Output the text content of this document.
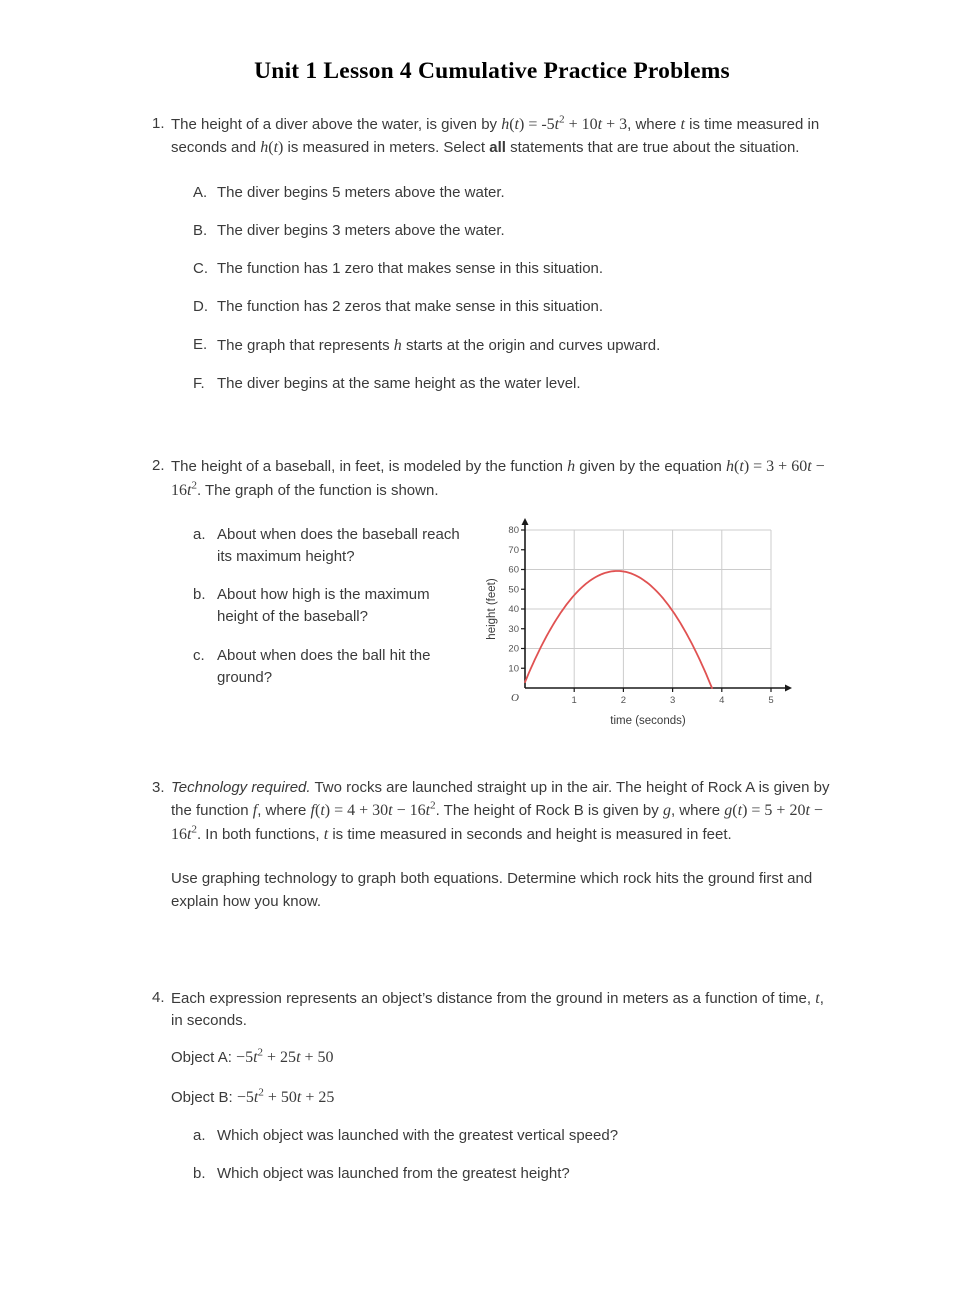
Unit 1 Lesson 4 Cumulative Practice Problems
1. The height of a diver above the water, is given by $h(t) = -5t^2 + 10t + 3$, where t is time measured in seconds and h(t) is measured in meters. Select all statements that are true about the situation.

A. The diver begins 5 meters above the water.
B. The diver begins 3 meters above the water.
C. The function has 1 zero that makes sense in this situation.
D. The function has 2 zeros that make sense in this situation.
E. The graph that represents h starts at the origin and curves upward.
F. The diver begins at the same height as the water level.
2. The height of a baseball, in feet, is modeled by the function h given by the equation $h(t) = 3 + 60t - 16t^2$. The graph of the function is shown.

a. About when does the baseball reach its maximum height?
b. About how high is the maximum height of the baseball?
c. About when does the ball hit the ground?	10
20
30
40
50
60
70
80
1	2	3	4	5
O
height (feet)
time (seconds)
3. Technology required. Two rocks are launched straight up in the air. The height of Rock A is given by the function f, where $f(t) = 4 + 30t - 16t^2$. The height of Rock B is given by g, where $g(t) = 5 + 20t - 16t^2$. In both functions, t is time measured in seconds and height is measured in feet.

Use graphing technology to graph both equations. Determine which rock hits the ground first and explain how you know.

4. Each expression represents an object’s distance from the ground in meters as a function of time, t, in seconds.

Object A: $-5t^2 + 25t + 50$

Object B: $-5t^2 + 50t + 25$

a. Which object was launched with the greatest vertical speed?
b. Which object was launched from the greatest height?
